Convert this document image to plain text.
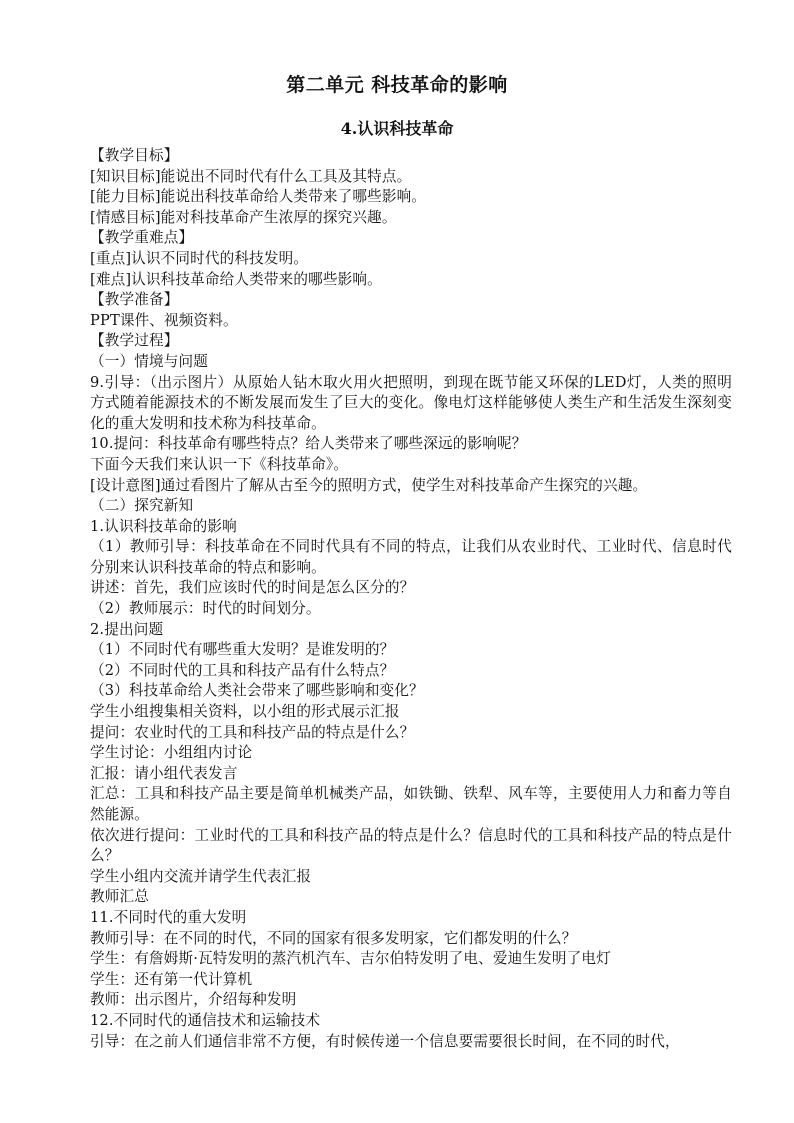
第二单元 科技革命的影响
4.认识科技革命

【教学目标】

[知识目标]能说出不同时代有什么工具及其特点。

[能力目标]能说出科技革命给人类带来了哪些影响。

[情感目标]能对科技革命产生浓厚的探究兴趣。

【教学重难点】

[重点]认识不同时代的科技发明。

[难点]认识科技革命给人类带来的哪些影响。

【教学准备】

PPT课件、视频资料。

【教学过程】

（一）情境与问题

9.引导：（出示图片）从原始人钻木取火用火把照明，到现在既节能又环保的LED灯，人类的照明方式随着能源技术的不断发展而发生了巨大的变化。像电灯这样能够使人类生产和生活发生深刻变化的重大发明和技术称为科技革命。

10.提问：科技革命有哪些特点？给人类带来了哪些深远的影响呢？

下面今天我们来认识一下《科技革命》。

[设计意图]通过看图片了解从古至今的照明方式，使学生对科技革命产生探究的兴趣。

（二）探究新知

1.认识科技革命的影响

（1）教师引导：科技革命在不同时代具有不同的特点，让我们从农业时代、工业时代、信息时代分别来认识科技革命的特点和影响。

讲述：首先，我们应该时代的时间是怎么区分的？

（2）教师展示：时代的时间划分。

2.提出问题

（1）不同时代有哪些重大发明？是谁发明的？

（2）不同时代的工具和科技产品有什么特点？

（3）科技革命给人类社会带来了哪些影响和变化？

学生小组搜集相关资料，以小组的形式展示汇报

提问：农业时代的工具和科技产品的特点是什么？

学生讨论：小组组内讨论

汇报：请小组代表发言

汇总：工具和科技产品主要是简单机械类产品，如铁锄、铁犁、风车等，主要使用人力和畜力等自然能源。

依次进行提问：工业时代的工具和科技产品的特点是什么？信息时代的工具和科技产品的特点是什么？

学生小组内交流并请学生代表汇报

教师汇总

11.不同时代的重大发明

教师引导：在不同的时代，不同的国家有很多发明家，它们都发明的什么？

学生：有詹姆斯·瓦特发明的蒸汽机汽车、吉尔伯特发明了电、爱迪生发明了电灯

学生：还有第一代计算机

教师：出示图片，介绍每种发明

12.不同时代的通信技术和运输技术

引导：在之前人们通信非常不方便，有时候传递一个信息要需要很长时间，在不同的时代，
